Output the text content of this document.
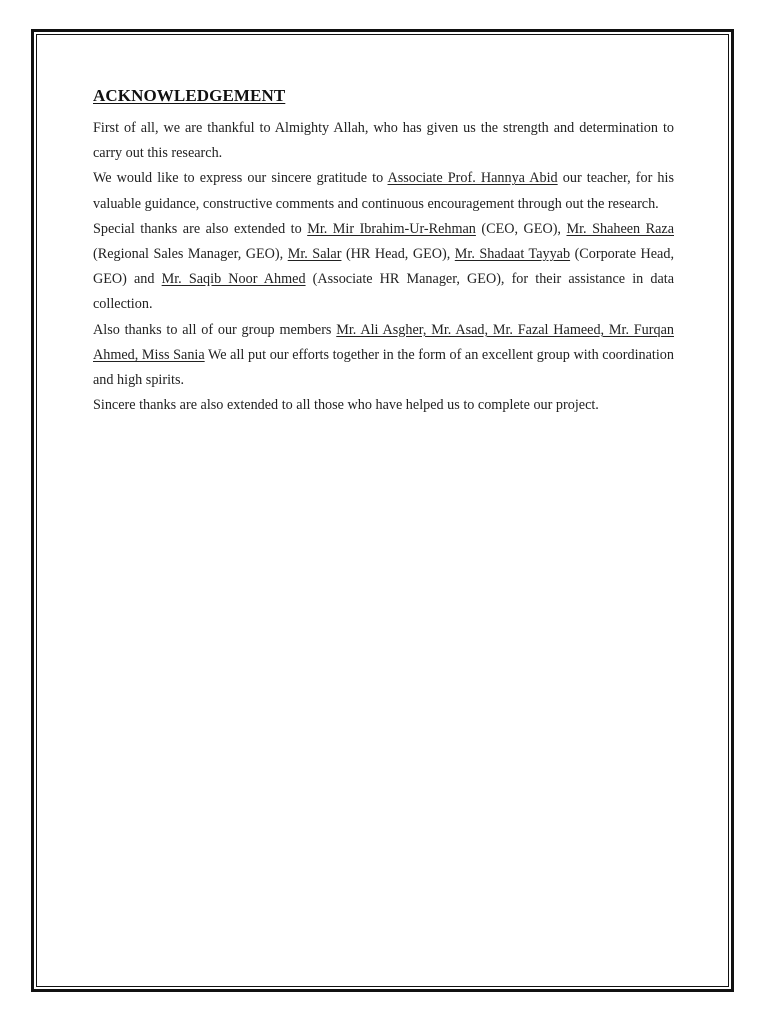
ACKNOWLEDGEMENT

First of all, we are thankful to Almighty Allah, who has given us the strength and determination to carry out this research.

We would like to express our sincere gratitude to Associate Prof. Hannya Abid our teacher, for his valuable guidance, constructive comments and continuous encouragement through out the research.

Special thanks are also extended to Mr. Mir Ibrahim-Ur-Rehman (CEO, GEO), Mr. Shaheen Raza (Regional Sales Manager, GEO), Mr. Salar (HR Head, GEO), Mr. Shadaat Tayyab (Corporate Head, GEO) and Mr. Saqib Noor Ahmed (Associate HR Manager, GEO), for their assistance in data collection.

Also thanks to all of our group members Mr. Ali Asgher, Mr. Asad, Mr. Fazal Hameed, Mr. Furqan Ahmed, Miss Sania We all put our efforts together in the form of an excellent group with coordination and high spirits.

Sincere thanks are also extended to all those who have helped us to complete our project.
